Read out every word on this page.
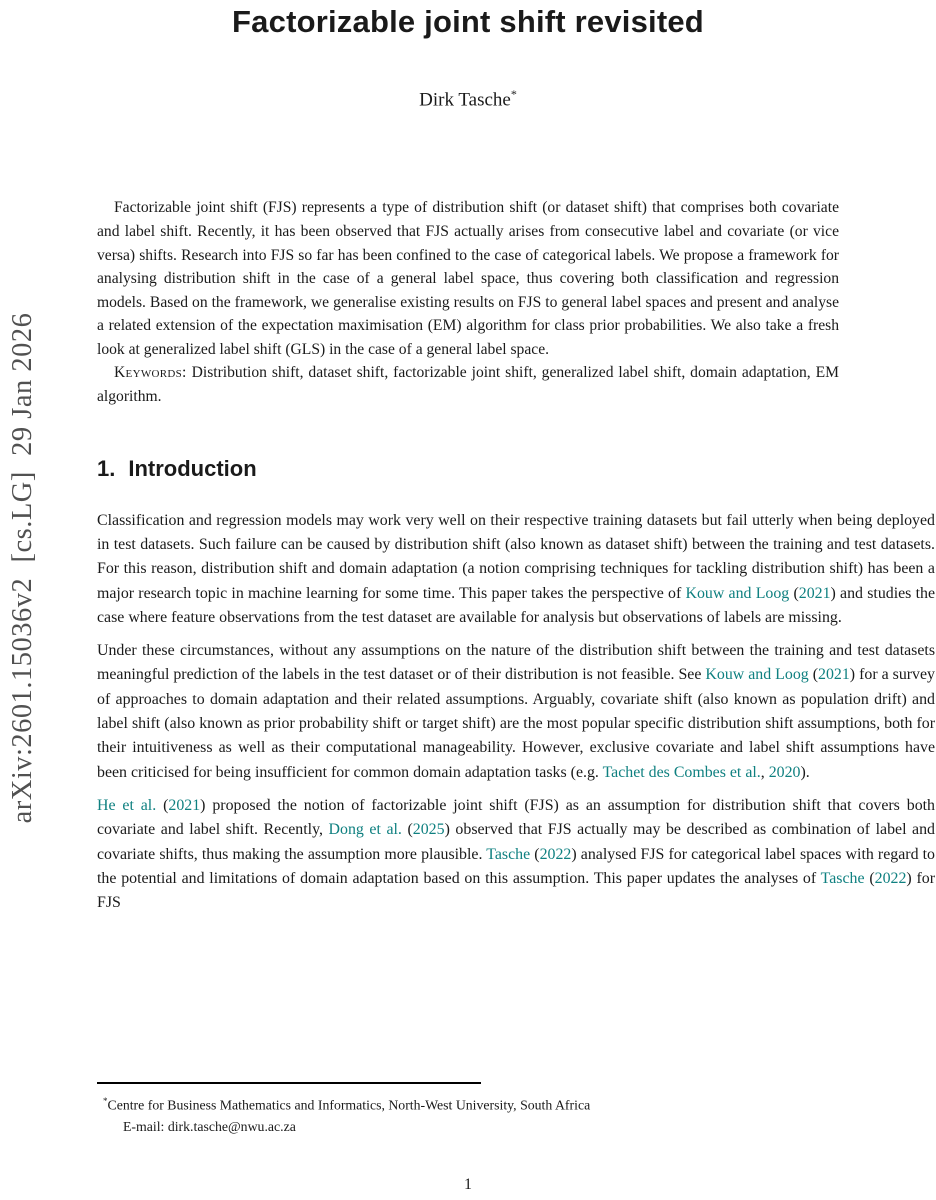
arXiv:2601.15036v2  [cs.LG]  29 Jan 2026
Factorizable joint shift revisited
Dirk Tasche*

Factorizable joint shift (FJS) represents a type of distribution shift (or dataset shift) that comprises both covariate and label shift. Recently, it has been observed that FJS actually arises from consecutive label and covariate (or vice versa) shifts. Research into FJS so far has been confined to the case of categorical labels. We propose a framework for analysing distribution shift in the case of a general label space, thus covering both classification and regression models. Based on the framework, we generalise existing results on FJS to general label spaces and present and analyse a related extension of the expectation maximisation (EM) algorithm for class prior probabilities. We also take a fresh look at generalized label shift (GLS) in the case of a general label space.

Keywords: Distribution shift, dataset shift, factorizable joint shift, generalized label shift, domain adaptation, EM algorithm.

1. Introduction

Classification and regression models may work very well on their respective training datasets but fail utterly when being deployed in test datasets. Such failure can be caused by distribution shift (also known as dataset shift) between the training and test datasets. For this reason, distribution shift and domain adaptation (a notion comprising techniques for tackling distribution shift) has been a major research topic in machine learning for some time. This paper takes the perspective of Kouw and Loog (2021) and studies the case where feature observations from the test dataset are available for analysis but observations of labels are missing.

Under these circumstances, without any assumptions on the nature of the distribution shift between the training and test datasets meaningful prediction of the labels in the test dataset or of their distribution is not feasible. See Kouw and Loog (2021) for a survey of approaches to domain adaptation and their related assumptions. Arguably, covariate shift (also known as population drift) and label shift (also known as prior probability shift or target shift) are the most popular specific distribution shift assumptions, both for their intuitiveness as well as their computational manageability. However, exclusive covariate and label shift assumptions have been criticised for being insufficient for common domain adaptation tasks (e.g. Tachet des Combes et al., 2020).

He et al. (2021) proposed the notion of factorizable joint shift (FJS) as an assumption for distribution shift that covers both covariate and label shift. Recently, Dong et al. (2025) observed that FJS actually may be described as combination of label and covariate shifts, thus making the assumption more plausible. Tasche (2022) analysed FJS for categorical label spaces with regard to the potential and limitations of domain adaptation based on this assumption. This paper updates the analyses of Tasche (2022) for FJS

*Centre for Business Mathematics and Informatics, North-West University, South Africa
E-mail: dirk.tasche@nwu.ac.za
1
